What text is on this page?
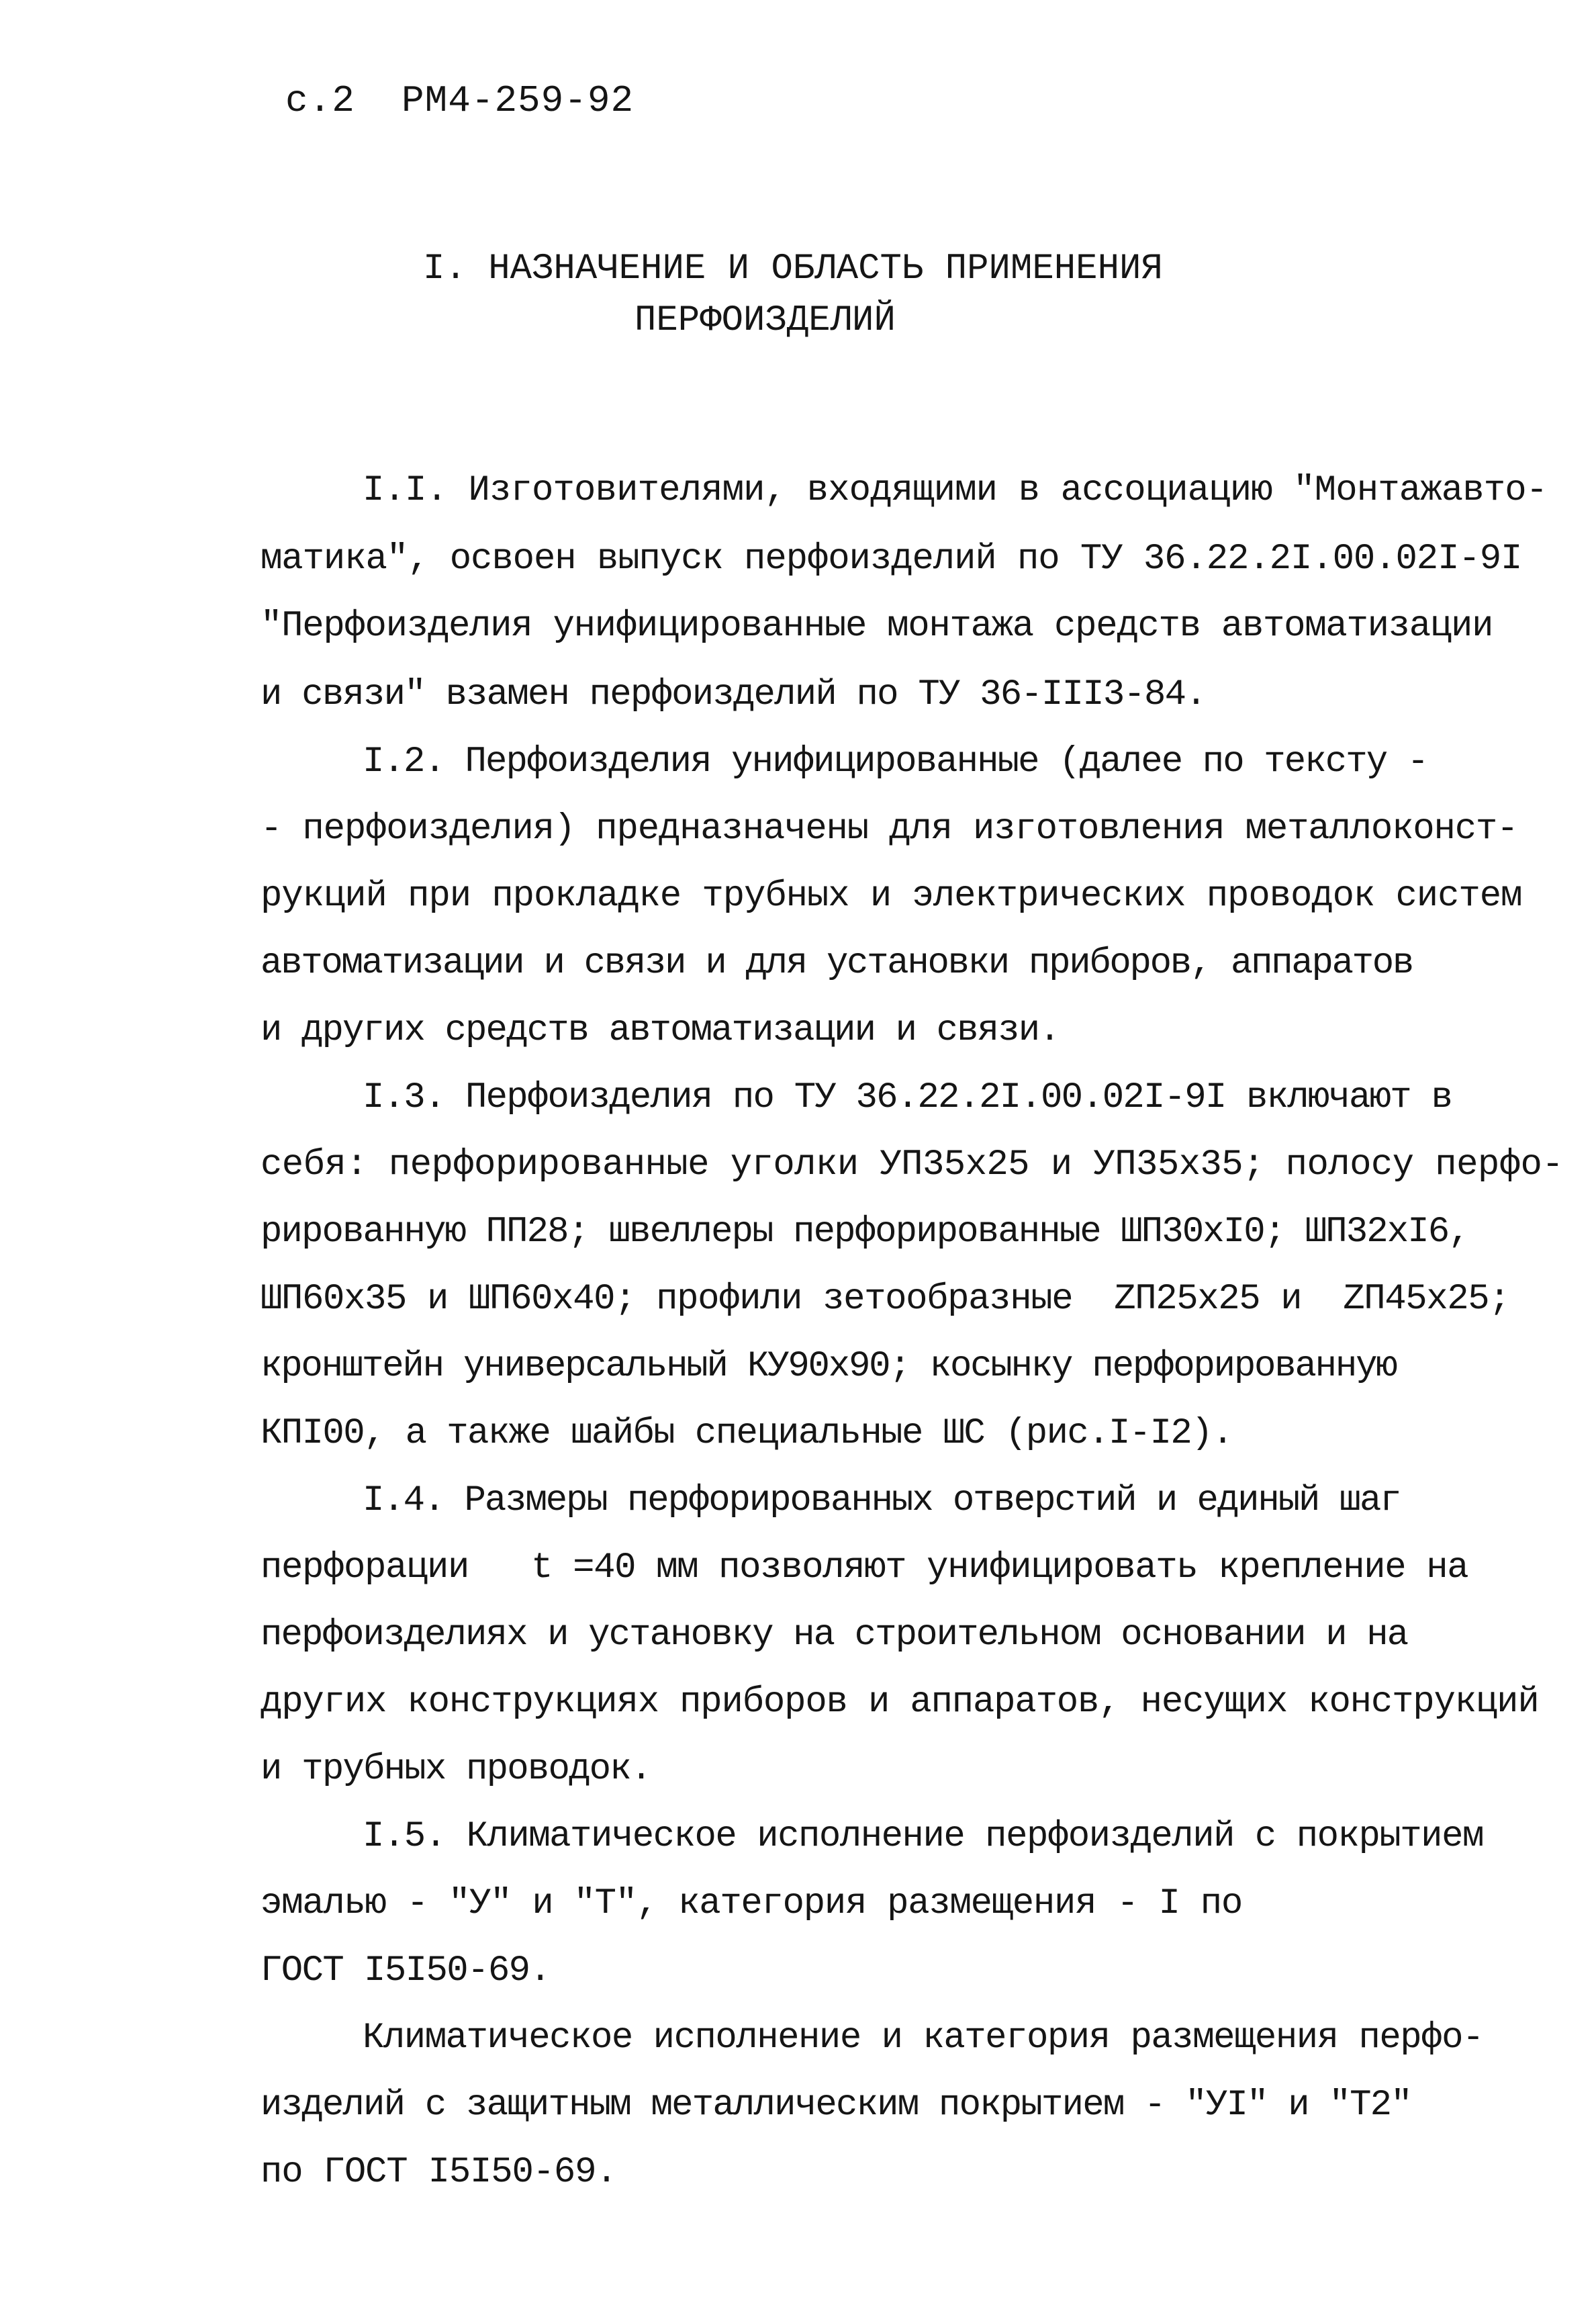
с.2  РМ4-259-92
I. НАЗНАЧЕНИЕ И ОБЛАСТЬ ПРИМЕНЕНИЯ
ПЕРФОИЗДЕЛИЙ
I.I. Изготовителями, входящими в ассоциацию "Монтажавто-
матика", освоен выпуск перфоизделий по ТУ 36.22.2I.00.02I-9I
"Перфоизделия унифицированные монтажа средств автоматизации
и связи" взамен перфоизделий по ТУ 36-III3-84.
I.2. Перфоизделия унифицированные (далее по тексту -
- перфоизделия) предназначены для изготовления металлоконст-
рукций при прокладке трубных и электрических проводок систем
автоматизации и связи и для установки приборов, аппаратов
и других средств автоматизации и связи.
I.3. Перфоизделия по ТУ 36.22.2I.00.02I-9I включают в
себя: перфорированные уголки УП35х25 и УП35х35; полосу перфо-
рированную ПП28; швеллеры перфорированные ШП30хI0; ШП32хI6,
ШП60х35 и ШП60х40; профили зетообразные  ZП25х25 и  ZП45х25;
кронштейн универсальный КУ90х90; косынку перфорированную
КПI00, а также шайбы специальные ШС (рис.I-I2).
I.4. Размеры перфорированных отверстий и единый шаг
перфорации   t =40 мм позволяют унифицировать крепление на
перфоизделиях и установку на строительном основании и на
других конструкциях приборов и аппаратов, несущих конструкций
и трубных проводок.
I.5. Климатическое исполнение перфоизделий с покрытием
эмалью - "У" и "Т", категория размещения - I по
ГОСТ I5I50-69.
Климатическое исполнение и категория размещения перфо-
изделий с защитным металлическим покрытием - "УI" и "Т2"
по ГОСТ I5I50-69.
